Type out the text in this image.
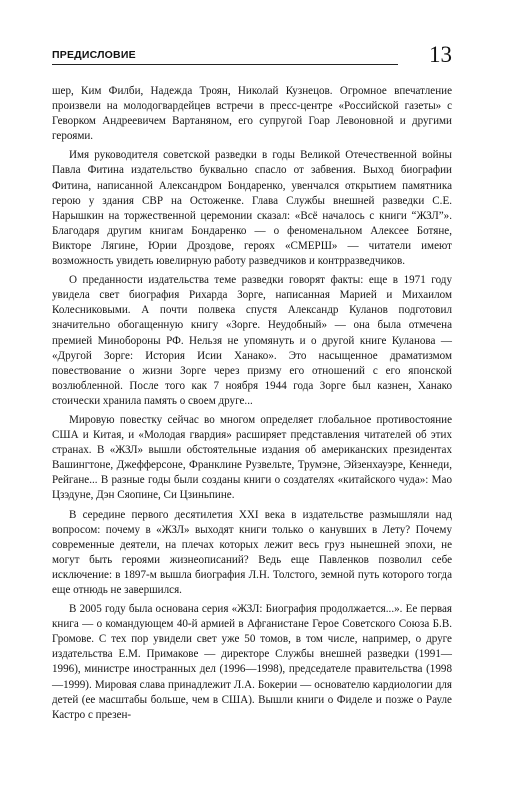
ПРЕДИСЛОВИЕ	13

шер, Ким Филби, Надежда Троян, Николай Кузнецов. Огромное впечатление произвели на молодогвардейцев встречи в пресс-центре «Российской газеты» с Геворком Андреевичем Вартаняном, его супругой Гоар Левоновной и другими героями.

Имя руководителя советской разведки в годы Великой Отечественной войны Павла Фитина издательство буквально спасло от забвения. Выход биографии Фитина, написанной Александром Бондаренко, увенчался открытием памятника герою у здания СВР на Остоженке. Глава Службы внешней разведки С.Е. Нарышкин на торжественной церемонии сказал: «Всё началось с книги “ЖЗЛ”». Благодаря другим книгам Бондаренко — о феноменальном Алексее Ботяне, Викторе Лягине, Юрии Дроздове, героях «СМЕРШ» — читатели имеют возможность увидеть ювелирную работу разведчиков и контрразведчиков.

О преданности издательства теме разведки говорят факты: еще в 1971 году увидела свет биография Рихарда Зорге, написанная Марией и Михаилом Колесниковыми. А почти полвека спустя Александр Куланов подготовил значительно обогащенную книгу «Зорге. Неудобный» — она была отмечена премией Минобороны РФ. Нельзя не упомянуть и о другой книге Куланова — «Другой Зорге: История Исии Ханако». Это насыщенное драматизмом повествование о жизни Зорге через призму его отношений с его японской возлюбленной. После того как 7 ноября 1944 года Зорге был казнен, Ханако стоически хранила память о своем друге...

Мировую повестку сейчас во многом определяет глобальное противостояние США и Китая, и «Молодая гвардия» расширяет представления читателей об этих странах. В «ЖЗЛ» вышли обстоятельные издания об американских президентах Вашингтоне, Джефферсоне, Франклине Рузвельте, Трумэне, Эйзенхауэре, Кеннеди, Рейгане... В разные годы были созданы книги о создателях «китайского чуда»: Мао Цзэдуне, Дэн Сяопине, Си Цзиньпине.

В середине первого десятилетия XXI века в издательстве размышляли над вопросом: почему в «ЖЗЛ» выходят книги только о канувших в Лету? Почему современные деятели, на плечах которых лежит весь груз нынешней эпохи, не могут быть героями жизнеописаний? Ведь еще Павленков позволил себе исключение: в 1897-м вышла биография Л.Н. Толстого, земной путь которого тогда еще отнюдь не завершился.

В 2005 году была основана серия «ЖЗЛ: Биография продолжается...». Ее первая книга — о командующем 40-й армией в Афганистане Герое Советского Союза Б.В. Громове. С тех пор увидели свет уже 50 томов, в том числе, например, о друге издательства Е.М. Примакове — директоре Службы внешней разведки (1991—1996), министре иностранных дел (1996—1998), председателе правительства (1998—1999). Мировая слава принадлежит Л.А. Бокерии — основателю кардиологии для детей (ее масштабы больше, чем в США). Вышли книги о Фиделе и позже о Рауле Кастро с презен-
